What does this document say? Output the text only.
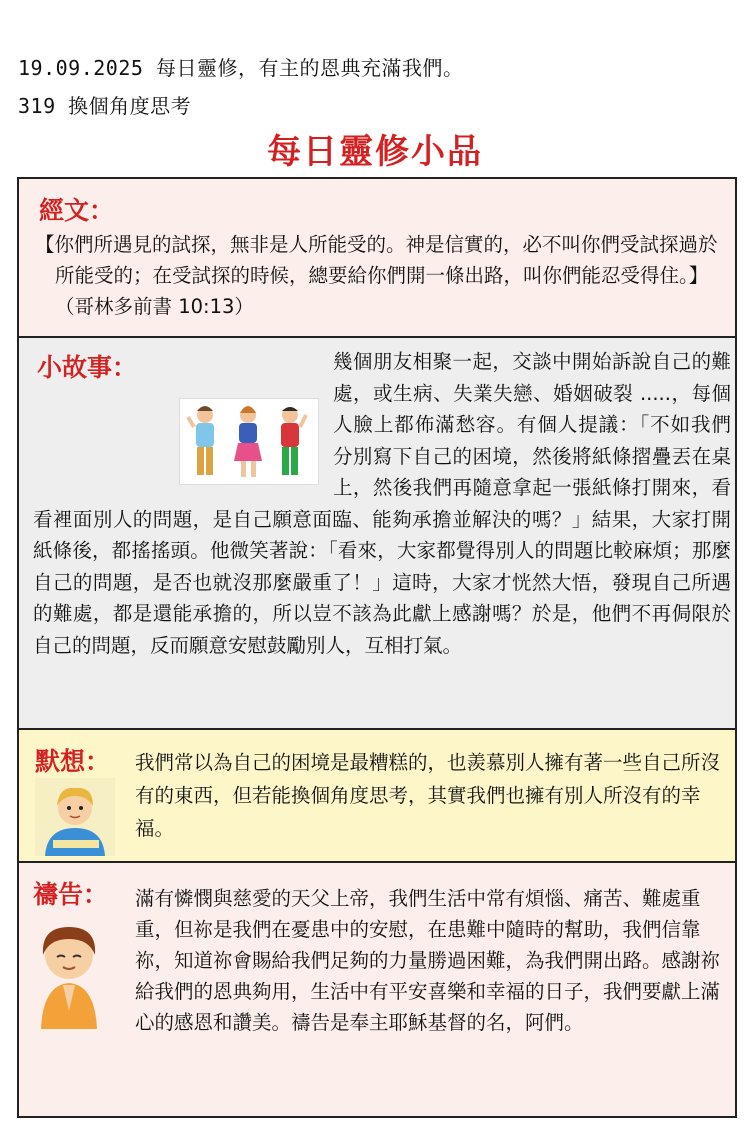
19.09.2025 每日靈修，有主的恩典充滿我們。
319 換個角度思考
每日靈修小品
經文：
【你們所遇見的試探，無非是人所能受的。神是信實的，必不叫你們受試探過於所能受的；在受試探的時候，總要給你們開一條出路，叫你們能忍受得住。】（哥林多前書 10:13）
幾個朋友相聚一起，交談中開始訴說自己的難處，或生病、失業失戀、婚姻破裂 .....，每個人臉上都佈滿愁容。有個人提議：「不如我們分別寫下自己的困境，然後將紙條摺疊丟在桌上，然後我們再隨意拿起一張紙條打開來，看看裡面別人的問題，是自己願意面臨、能夠承擔並解決的嗎？」結果，大家打開紙條後，都搖搖頭。他微笑著說：「看來，大家都覺得別人的問題比較麻煩；那麼自己的問題，是否也就沒那麼嚴重了！」這時，大家才恍然大悟，發現自己所遇的難處，都是還能承擔的，所以豈不該為此獻上感謝嗎？於是，他們不再侷限於自己的問題，反而願意安慰鼓勵別人，互相打氣。
小故事：
默想： 我們常以為自己的困境是最糟糕的，也羨慕別人擁有著一些自己所沒有的東西，但若能換個角度思考，其實我們也擁有別人所沒有的幸福。
禱告： 滿有憐憫與慈愛的天父上帝，我們生活中常有煩惱、痛苦、難處重重，但祢是我們在憂患中的安慰，在患難中隨時的幫助，我們信靠祢，知道祢會賜給我們足夠的力量勝過困難，為我們開出路。感謝祢給我們的恩典夠用，生活中有平安喜樂和幸福的日子，我們要獻上滿心的感恩和讚美。禱告是奉主耶穌基督的名，阿們。
